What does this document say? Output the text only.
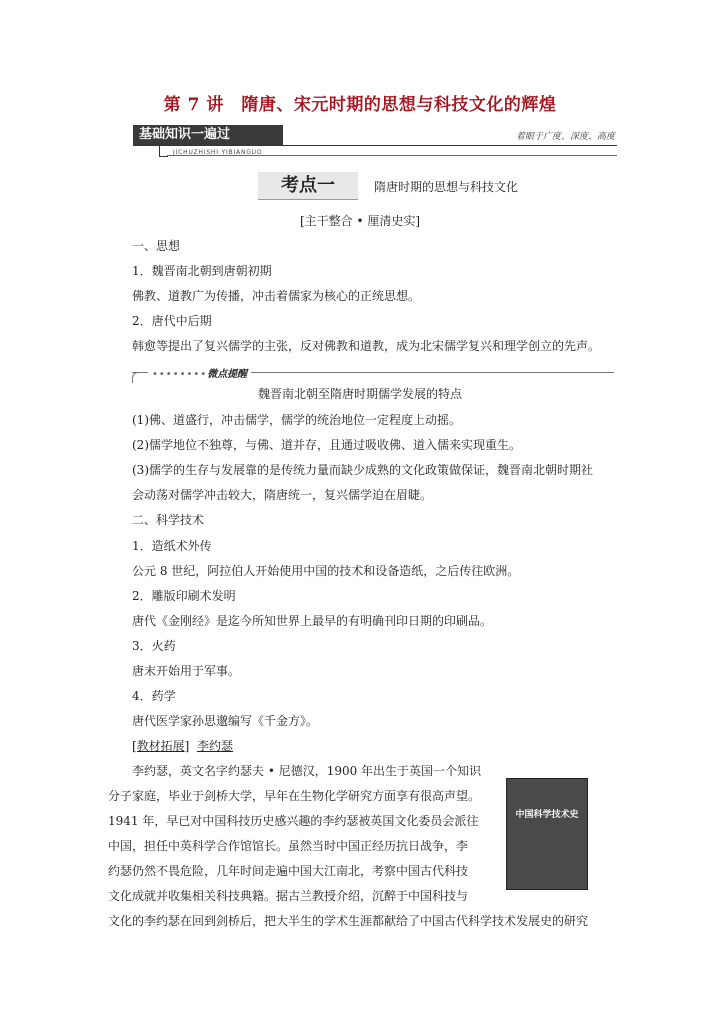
第 7 讲　隋唐、宋元时期的思想与科技文化的辉煌
基础知识一遍过
JICHUZHISHI YIBIANGUO
着眼于广度、深度、高度
考点一	隋唐时期的思想与科技文化
[主干整合 • 厘清史实]
一、思想
1．魏晋南北朝到唐朝初期
佛教、道教广为传播，冲击着儒家为核心的正统思想。
2．唐代中后期
韩愈等提出了复兴儒学的主张，反对佛教和道教，成为北宋儒学复兴和理学创立的先声。
••••••••微点提醒
魏晋南北朝至隋唐时期儒学发展的特点
(1)佛、道盛行，冲击儒学，儒学的统治地位一定程度上动摇。
(2)儒学地位不独尊，与佛、道并存，且通过吸收佛、道入儒来实现重生。
(3)儒学的生存与发展靠的是传统力量而缺少成熟的文化政策做保证，魏晋南北朝时期社
会动荡对儒学冲击较大，隋唐统一，复兴儒学迫在眉睫。
二、科学技术
1．造纸术外传
公元 8 世纪，阿拉伯人开始使用中国的技术和设备造纸，之后传往欧洲。
2．雕版印刷术发明
唐代《金刚经》是迄今所知世界上最早的有明确刊印日期的印刷品。
3．火药
唐末开始用于军事。
4．药学
唐代医学家孙思邈编写《千金方》。
[教材拓展] 李约瑟
李约瑟，英文名字约瑟夫 • 尼德汉，1900 年出生于英国一个知识
分子家庭，毕业于剑桥大学，早年在生物化学研究方面享有很高声望。
1941 年，早已对中国科技历史感兴趣的李约瑟被英国文化委员会派往
中国，担任中英科学合作馆馆长。虽然当时中国正经历抗日战争，李
约瑟仍然不畏危险，几年时间走遍中国大江南北，考察中国古代科技
文化成就并收集相关科技典籍。据古兰教授介绍，沉醉于中国科技与
文化的李约瑟在回到剑桥后，把大半生的学术生涯都献给了中国古代科学技术发展史的研究
中国科学技术史
